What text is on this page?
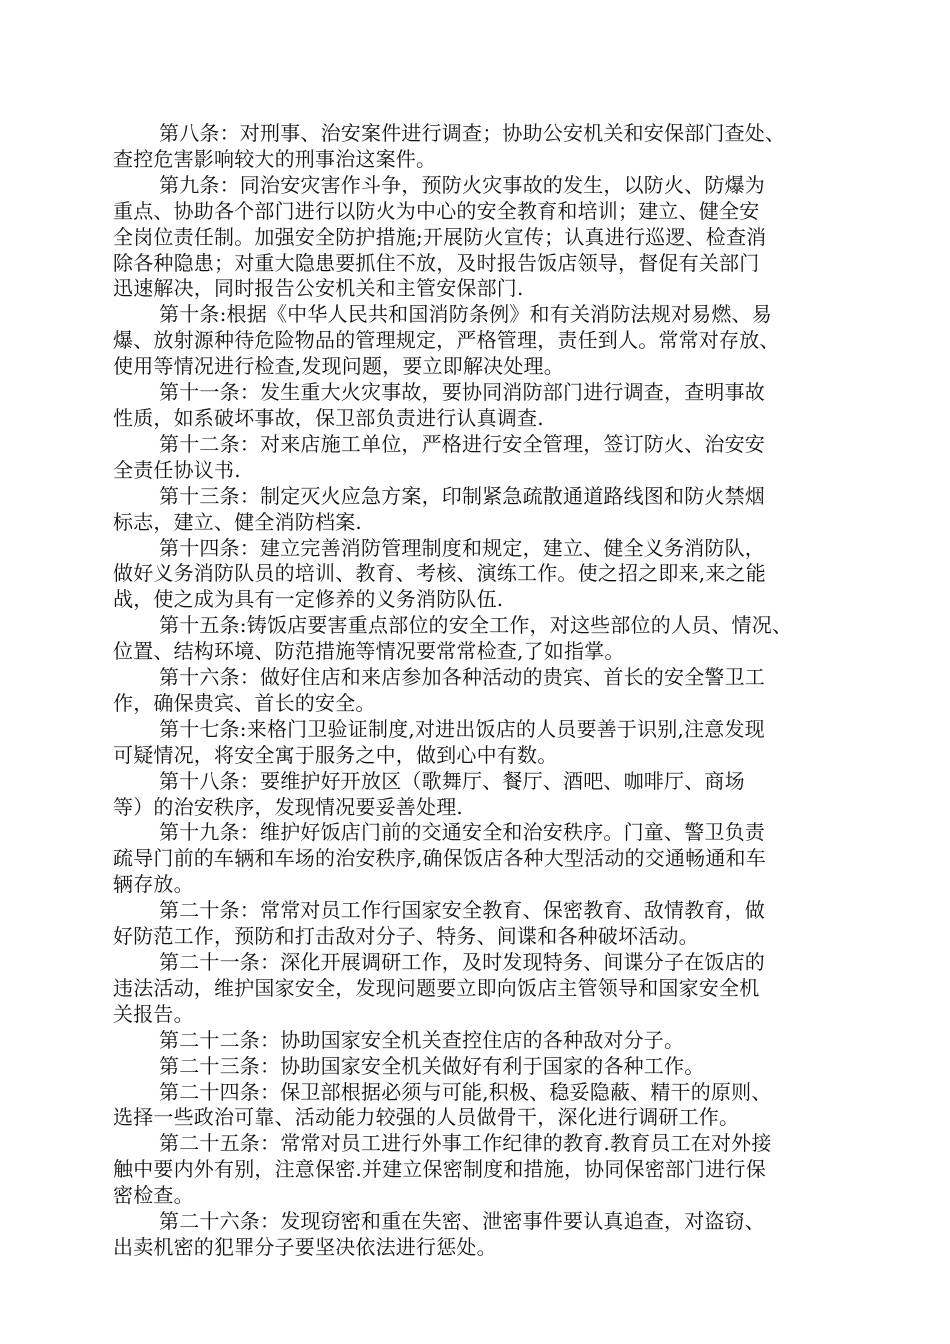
第八条：对刑事、治安案件进行调查；协助公安机关和安保部门查处、
查控危害影响较大的刑事治这案件。
第九条：同治安灾害作斗争，预防火灾事故的发生，以防火、防爆为
重点、协助各个部门进行以防火为中心的安全教育和培训；建立、健全安
全岗位责任制。加强安全防护措施;开展防火宣传；认真进行巡逻、检查消
除各种隐患；对重大隐患要抓住不放，及时报告饭店领导，督促有关部门
迅速解决，同时报告公安机关和主管安保部门.
第十条:根据《中华人民共和国消防条例》和有关消防法规对易燃、易
爆、放射源种待危险物品的管理规定，严格管理，责任到人。常常对存放、
使用等情况进行检查,发现问题，要立即解决处理。
第十一条：发生重大火灾事故，要协同消防部门进行调查，查明事故
性质，如系破坏事故，保卫部负责进行认真调查.
第十二条：对来店施工单位，严格进行安全管理，签订防火、治安安
全责任协议书.
第十三条：制定灭火应急方案，印制紧急疏散通道路线图和防火禁烟
标志，建立、健全消防档案.
第十四条：建立完善消防管理制度和规定，建立、健全义务消防队，
做好义务消防队员的培训、教育、考核、演练工作。使之招之即来,来之能
战，使之成为具有一定修养的义务消防队伍.
第十五条:铸饭店要害重点部位的安全工作，对这些部位的人员、情况、
位置、结构环境、防范措施等情况要常常检查,了如指掌。
第十六条：做好住店和来店参加各种活动的贵宾、首长的安全警卫工
作，确保贵宾、首长的安全。
第十七条:来格门卫验证制度,对进出饭店的人员要善于识别,注意发现
可疑情况，将安全寓于服务之中，做到心中有数。
第十八条：要维护好开放区（歌舞厅、餐厅、酒吧、咖啡厅、商场
等）的治安秩序，发现情况要妥善处理.
第十九条：维护好饭店门前的交通安全和治安秩序。门童、警卫负责
疏导门前的车辆和车场的治安秩序,确保饭店各种大型活动的交通畅通和车
辆存放。
第二十条：常常对员工作行国家安全教育、保密教育、敌情教育，做
好防范工作，预防和打击敌对分子、特务、间谍和各种破坏活动。
第二十一条：深化开展调研工作，及时发现特务、间谍分子在饭店的
违法活动，维护国家安全，发现问题要立即向饭店主管领导和国家安全机
关报告。
第二十二条：协助国家安全机关查控住店的各种敌对分子。
第二十三条：协助国家安全机关做好有利于国家的各种工作。
第二十四条：保卫部根据必须与可能,积极、稳妥隐蔽、精干的原则、
选择一些政治可靠、活动能力较强的人员做骨干，深化进行调研工作。
第二十五条：常常对员工进行外事工作纪律的教育.教育员工在对外接
触中要内外有别，注意保密.并建立保密制度和措施，协同保密部门进行保
密检查。
第二十六条：发现窃密和重在失密、泄密事件要认真追查，对盗窃、
出卖机密的犯罪分子要坚决依法进行惩处。
